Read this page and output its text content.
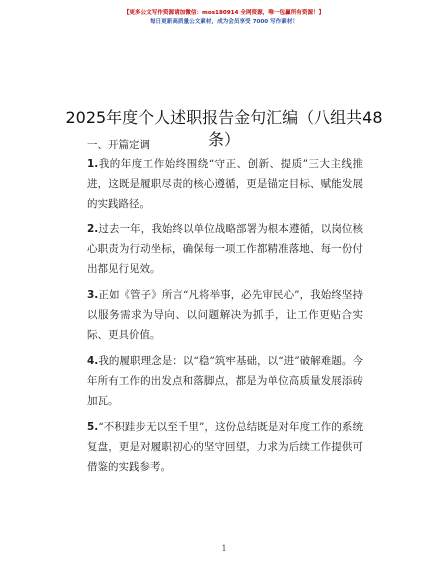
【更多公文写作资源请加微信：mos180914 全网资源，唯一包赢所有资源！】
每日更新高质量公文素材，成为会员享受 7000 写作素材！
2025年度个人述职报告金句汇编（八组共48条）
一、开篇定调
1.我的年度工作始终围绕“守正、创新、提质”三大主线推进，这既是履职尽责的核心遵循，更是锚定目标、赋能发展的实践路径。
2.过去一年，我始终以单位战略部署为根本遵循，以岗位核心职责为行动坐标，确保每一项工作都精准落地、每一份付出都见行见效。
3.正如《管子》所言“凡将举事，必先审民心”，我始终坚持以服务需求为导向、以问题解决为抓手，让工作更贴合实际、更具价值。
4.我的履职理念是：以“稳”筑牢基础，以“进”破解难题。今年所有工作的出发点和落脚点，都是为单位高质量发展添砖加瓦。
5.“不积跬步无以至千里”，这份总结既是对年度工作的系统复盘，更是对履职初心的坚守回望，力求为后续工作提供可借鉴的实践参考。
1
